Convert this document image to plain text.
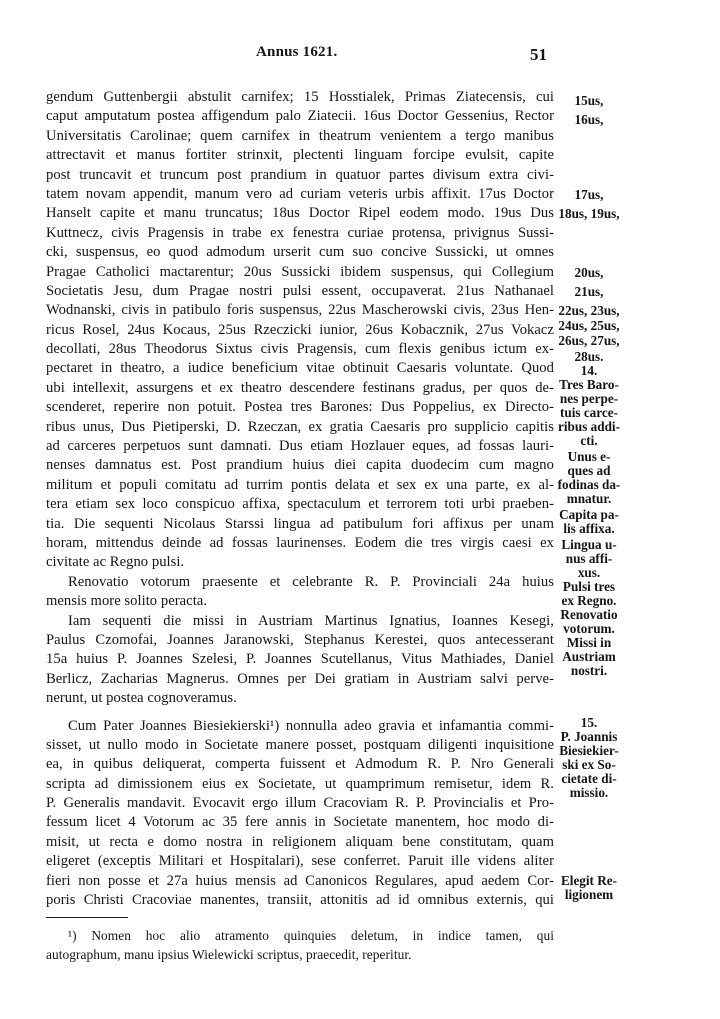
Annus 1621.	51
gendum Guttenbergii abstulit carnifex; 15 Hosstialek, Primas Ziatecensis, cui
caput amputatum postea affigendum palo Ziatecii. 16us Doctor Gessenius, Rector
Universitatis Carolinae; quem carnifex in theatrum venientem a tergo manibus
attrectavit et manus fortiter strinxit, plectenti linguam forcipe evulsit, capite
post truncavit et truncum post prandium in quatuor partes divisum extra civi-
tatem novam appendit, manum vero ad curiam veteris urbis affixit. 17us Doctor
Hanselt capite et manu truncatus; 18us Doctor Ripel eodem modo. 19us Dus
Kuttnecz, civis Pragensis in trabe ex fenestra curiae protensa, privignus Sussi-
cki, suspensus, eo quod admodum urserit cum suo concive Sussicki, ut omnes
Pragae Catholici mactarentur; 20us Sussicki ibidem suspensus, qui Collegium
Societatis Jesu, dum Pragae nostri pulsi essent, occupaverat. 21us Nathanael
Wodnanski, civis in patibulo foris suspensus, 22us Mascherowski civis, 23us Hen-
ricus Rosel, 24us Kocaus, 25us Rzeczicki iunior, 26us Kobacznik, 27us Vokacz
decollati, 28us Theodorus Sixtus civis Pragensis, cum flexis genibus ictum ex-
pectaret in theatro, a iudice beneficium vitae obtinuit Caesaris voluntate. Quod
ubi intellexit, assurgens et ex theatro descendere festinans gradus, per quos de-
scenderet, reperire non potuit. Postea tres Barones: Dus Poppelius, ex Directo-
ribus unus, Dus Pietiperski, D. Rzeczan, ex gratia Caesaris pro supplicio capitis
ad carceres perpetuos sunt damnati. Dus etiam Hozlauer eques, ad fossas lauri-
nenses damnatus est. Post prandium huius diei capita duodecim cum magno
militum et populi comitatu ad turrim pontis delata et sex ex una parte, ex al-
tera etiam sex loco conspicuo affixa, spectaculum et terrorem toti urbi praeben-
tia. Die sequenti Nicolaus Starssi lingua ad patibulum fori affixus per unam
horam, mittendus deinde ad fossas laurinenses. Eodem die tres virgis caesi ex
civitate ac Regno pulsi.
Renovatio votorum praesente et celebrante R. P. Provinciali 24a huius
mensis more solito peracta.
Iam sequenti die missi in Austriam Martinus Ignatius, Ioannes Kesegi,
Paulus Czomofai, Joannes Jaranowski, Stephanus Kerestei, quos antecesserant
15a huius P. Joannes Szelesi, P. Joannes Scutellanus, Vitus Mathiades, Daniel
Berlicz, Zacharias Magnerus. Omnes per Dei gratiam in Austriam salvi perve-
nerunt, ut postea cognoveramus.
Cum Pater Joannes Biesiekierski¹) nonnulla adeo gravia et infamantia commi-
sisset, ut nullo modo in Societate manere posset, postquam diligenti inquisitione
ea, in quibus deliquerat, comperta fuissent et Admodum R. P. Nro Generali
scripta ad dimissionem eius ex Societate, ut quamprimum remisetur, idem R.
P. Generalis mandavit. Evocavit ergo illum Cracoviam R. P. Provincialis et Pro-
fessum licet 4 Votorum ac 35 fere annis in Societate manentem, hoc modo di-
misit, ut recta e domo nostra in religionem aliquam bene constitutam, quam
eligeret (exceptis Militari et Hospitalari), sese conferret. Paruit ille videns aliter
fieri non posse et 27a huius mensis ad Canonicos Regulares, apud aedem Cor-
poris Christi Cracoviae manentes, transiit, attonitis ad id omnibus externis, qui
15us,
16us,
17us,
18us, 19us,
20us,
21us,
22us, 23us,
24us, 25us,
26us, 27us,
28us.
14.
Tres Baro-
nes perpe-
tuis carce-
ribus addi-
cti.
Unus e-
ques ad
fodinas da-
mnatur.
Capita pa-
lis affixa.
Lingua u-
nus affi-
xus.
Pulsi tres
ex Regno.
Renovatio
votorum.
Missi in
Austriam
nostri.
15.
P. Joannis
Biesiekier-
ski ex So-
cietate di-
missio.
Elegit Re-
ligionem
¹) Nomen hoc alio atramento quinquies deletum, in indice tamen, qui
autographum, manu ipsius Wielewicki scriptus, praecedit, reperitur.
